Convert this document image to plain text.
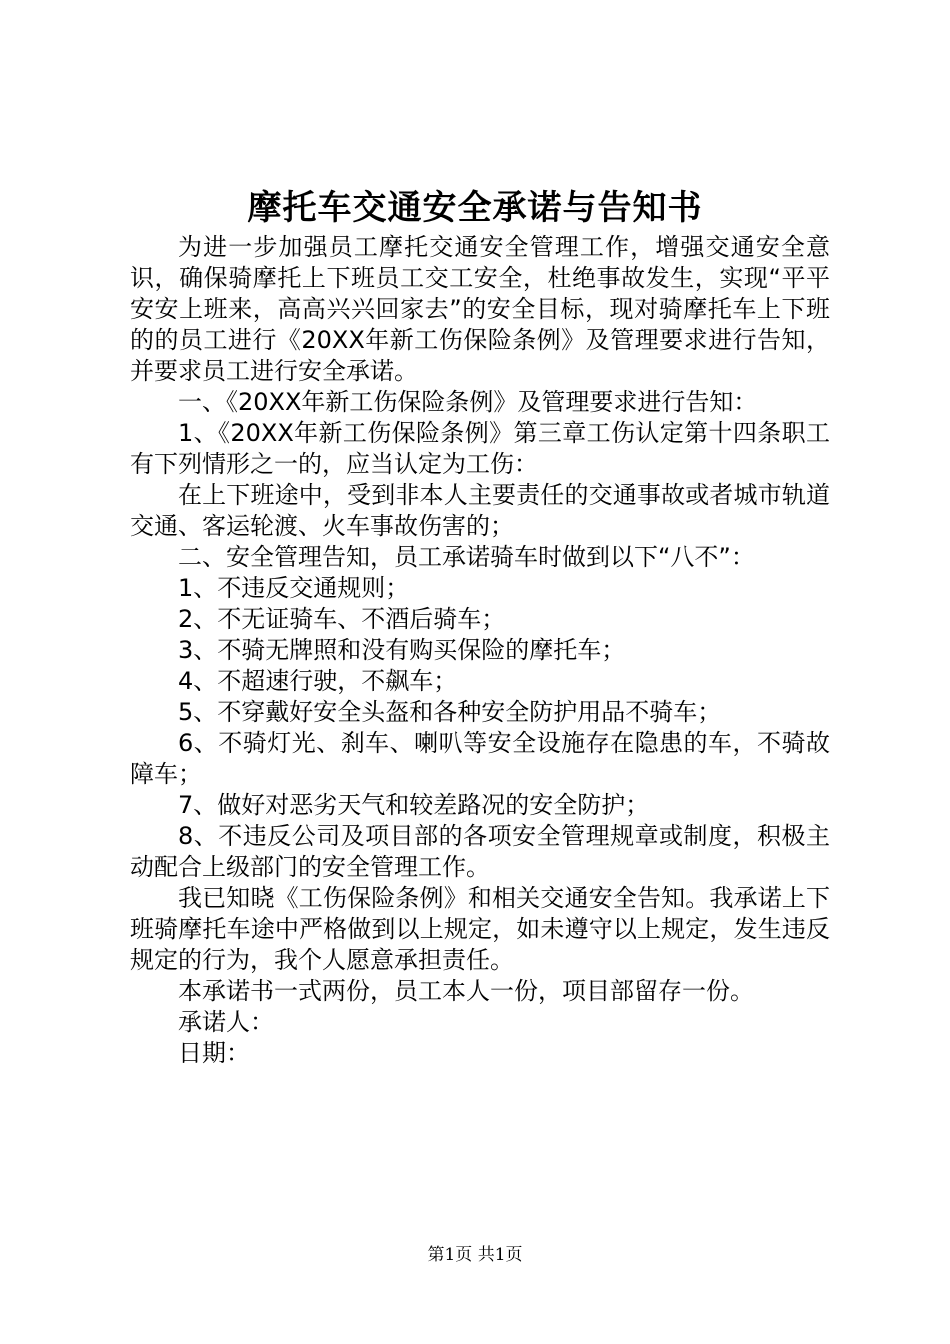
摩托车交通安全承诺与告知书

为进一步加强员工摩托交通安全管理工作，增强交通安全意识，确保骑摩托上下班员工交工安全，杜绝事故发生，实现“平平安安上班来，高高兴兴回家去”的安全目标，现对骑摩托车上下班的的员工进行《20XX年新工伤保险条例》及管理要求进行告知，并要求员工进行安全承诺。

一、《20XX年新工伤保险条例》及管理要求进行告知：

1、《20XX年新工伤保险条例》第三章工伤认定第十四条职工有下列情形之一的，应当认定为工伤：

在上下班途中，受到非本人主要责任的交通事故或者城市轨道交通、客运轮渡、火车事故伤害的；

二、安全管理告知，员工承诺骑车时做到以下“八不”：

1、不违反交通规则；

2、不无证骑车、不酒后骑车；

3、不骑无牌照和没有购买保险的摩托车；

4、不超速行驶，不飙车；

5、不穿戴好安全头盔和各种安全防护用品不骑车；

6、不骑灯光、刹车、喇叭等安全设施存在隐患的车，不骑故障车；

7、做好对恶劣天气和较差路况的安全防护；

8、不违反公司及项目部的各项安全管理规章或制度，积极主动配合上级部门的安全管理工作。

我已知晓《工伤保险条例》和相关交通安全告知。我承诺上下班骑摩托车途中严格做到以上规定，如未遵守以上规定，发生违反规定的行为，我个人愿意承担责任。

本承诺书一式两份，员工本人一份，项目部留存一份。

承诺人：

日期：

第1页 共1页
